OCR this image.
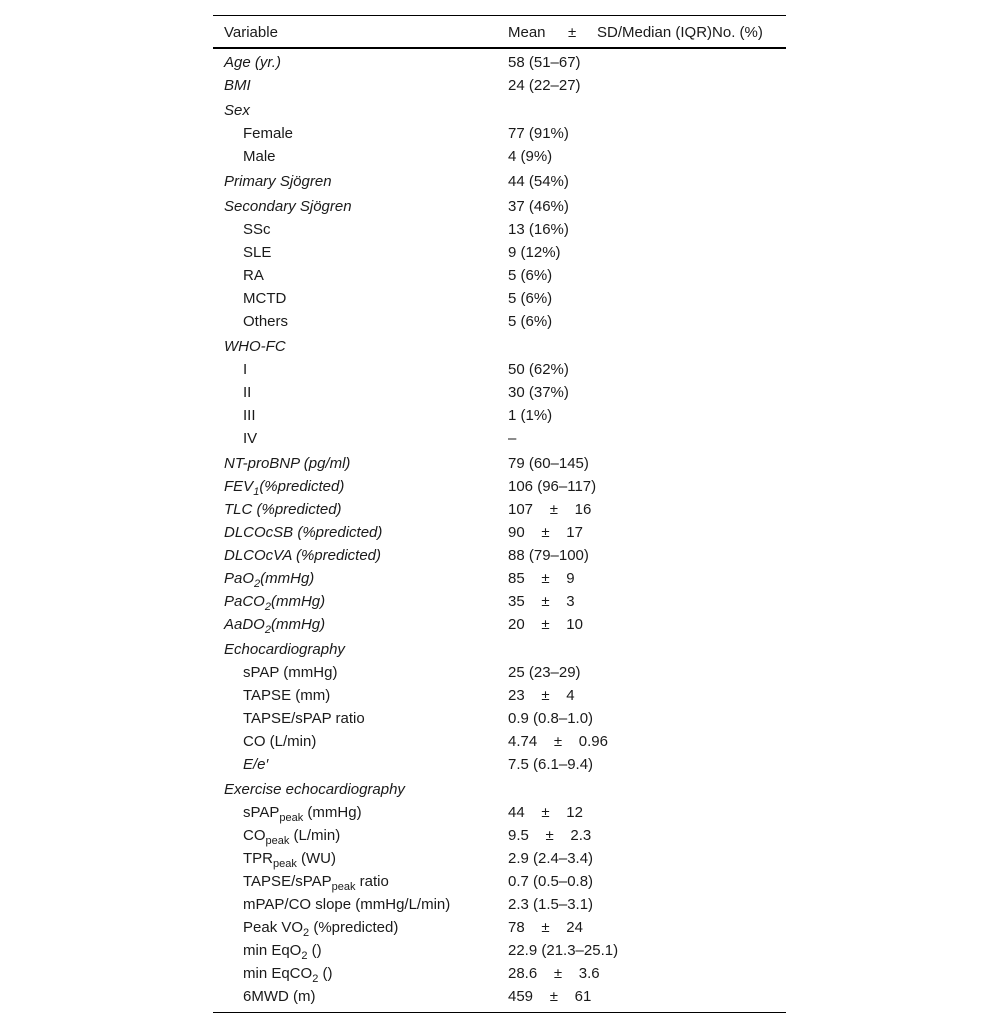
Variable	Mean ± SD/Median (IQR)No. (%)
Age (yr.)	58 (51–67)
BMI	24 (22–27)
Sex
Female	77 (91%)
Male	4 (9%)
Primary Sjögren	44 (54%)
Secondary Sjögren	37 (46%)
SSc	13 (16%)
SLE	9 (12%)
RA	5 (6%)
MCTD	5 (6%)
Others	5 (6%)
WHO-FC
I	50 (62%)
II	30 (37%)
III	1 (1%)
IV	–
NT-proBNP (pg/ml)	79 (60–145)
$FEV_1(\%predicted)$	106 (96–117)
TLC (%predicted)	107    ±    16
DLCOcSB (%predicted)	90    ±    17
DLCOcVA (%predicted)	88 (79–100)
PaO$_2$(mmHg)	85    ±    9
PaCO$_2$(mmHg)	35    ±    3
AaDO$_2$(mmHg)	20    ±    10
Echocardiography
sPAP (mmHg)	25 (23–29)
TAPSE (mm)	23    ±    4
TAPSE/sPAP ratio	0.9 (0.8–1.0)
CO (L/min)	4.74    ±    0.96
E/e′	7.5 (6.1–9.4)
Exercise echocardiography
sPAP$_{peak}$ (mmHg)	44    ±    12
$CO_{peak}$ (L/min)	9.5    ±    2.3
$TPR_{peak}$ (WU)	2.9 (2.4–3.4)
TAPSE/sPAP$_{peak}$ ratio	0.7 (0.5–0.8)
mPAP/CO slope (mmHg/L/min)	2.3 (1.5–3.1)
Peak $VO_2$ (%predicted)	78    ±    24
min EqO$_2$ ()	22.9 (21.3–25.1)
min EqCO$_2$ ()	28.6    ±    3.6
6MWD (m)	459    ±    61
